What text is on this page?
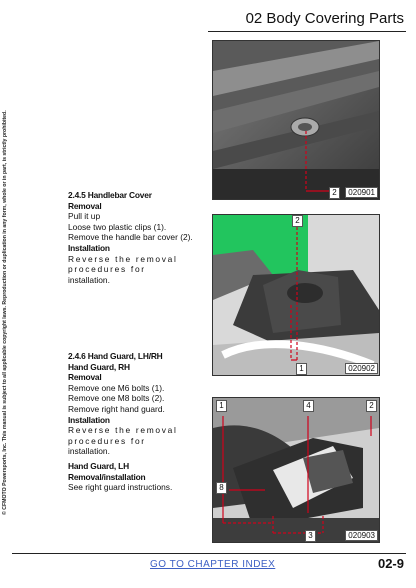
02 Body Covering Parts
© CFMOTO Powersports, Inc. This manual is subject to all applicable copyright laws. Reproduction or duplication in any form, whole or in part, is strictly prohibited.	2.4.5 Handlebar Cover
Removal
Pull it up
Loose two plastic clips (1).
Remove the handle bar cover (2).
Installation
Reverse the removal procedures for
installation.
2.4.6 Hand Guard, LH/RH
Hand Guard, RH
Removal
Remove one M6 bolts (1).
Remove one M8 bolts (2).
Remove right hand guard.
Installation
Reverse the removal procedures for
installation.
Hand Guard, LH
Removal/installation
See right guard instructions.
2	020901
2
1	020902
1	4	2
8
3	020903
GO TO CHAPTER INDEX	02-9
